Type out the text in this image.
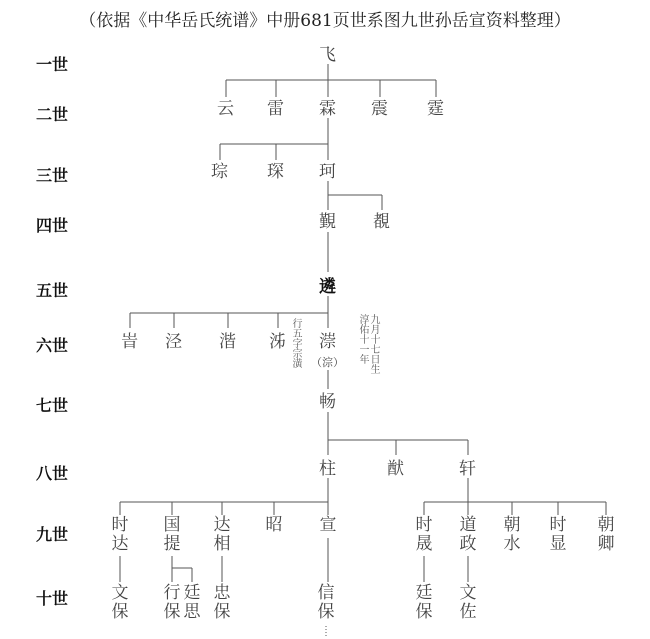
（依据《中华岳氏统谱》中册681页世系图九世孙岳宣资料整理）
一世
二世
三世
四世
五世
六世
七世
八世
九世
十世
飞
云 雷 霖 震 霆
琮 琛 珂
覲 覩
遴
峕 泾 湝 泲 漴
（淙）
行五字宗潢	九月十七日生淳佑十一年
畅
柱	猷	轩
时达
国提
达相
昭 宣	时晟
道政
朝水
时显
朝卿
文保
行保
廷思
忠保
信保
廷保
文佐
